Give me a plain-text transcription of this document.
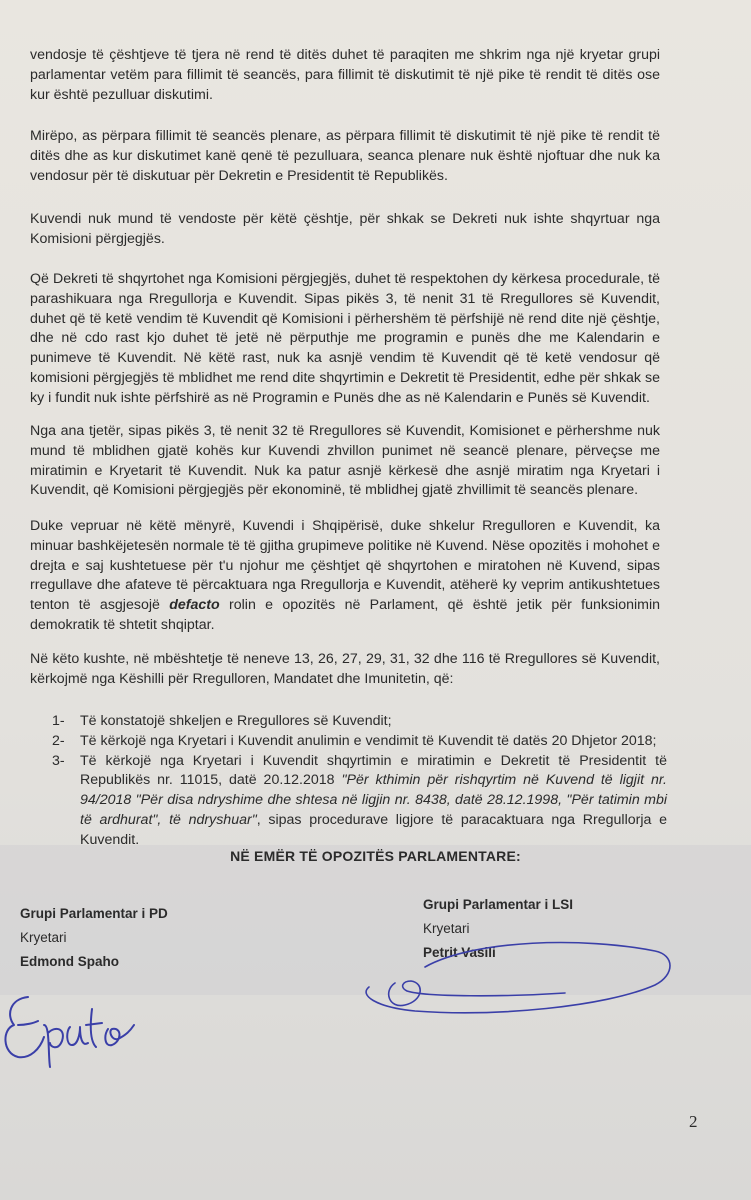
vendosje të çështjeve të tjera në rend të ditës duhet të paraqiten me shkrim nga një kryetar grupi parlamentar vetëm para fillimit të seancës, para fillimit të diskutimit të një pike të rendit të ditës ose kur është pezulluar diskutimi.

Mirëpo, as përpara fillimit të seancës plenare, as përpara fillimit të diskutimit të një pike të rendit të ditës dhe as kur diskutimet kanë qenë të pezulluara, seanca plenare nuk është njoftuar dhe nuk ka vendosur për të diskutuar për Dekretin e Presidentit të Republikës.

Kuvendi nuk mund të vendoste për këtë çështje, për shkak se Dekreti nuk ishte shqyrtuar nga Komisioni përgjegjës.

Që Dekreti të shqyrtohet nga Komisioni përgjegjës, duhet të respektohen dy kërkesa procedurale, të parashikuara nga Rregullorja e Kuvendit. Sipas pikës 3, të nenit 31 të Rregullores së Kuvendit, duhet që të ketë vendim të Kuvendit që Komisioni i përhershëm të përfshijë në rend dite një çështje, dhe në cdo rast kjo duhet të jetë në përputhje me programin e punës dhe me Kalendarin e punimeve të Kuvendit. Në këtë rast, nuk ka asnjë vendim të Kuvendit që të ketë vendosur që komisioni përgjegjës të mblidhet me rend dite shqyrtimin e Dekretit të Presidentit, edhe për shkak se ky i fundit nuk ishte përfshirë as në Programin e Punës dhe as në Kalendarin e Punës së Kuvendit.

Nga ana tjetër, sipas pikës 3, të nenit 32 të Rregullores së Kuvendit, Komisionet e përhershme nuk mund të mblidhen gjatë kohës kur Kuvendi zhvillon punimet në seancë plenare, përveçse me miratimin e Kryetarit të Kuvendit. Nuk ka patur asnjë kërkesë dhe asnjë miratim nga Kryetari i Kuvendit, që Komisioni përgjegjës për ekonominë, të mblidhej gjatë zhvillimit të seancës plenare.

Duke vepruar në këtë mënyrë, Kuvendi i Shqipërisë, duke shkelur Rregulloren e Kuvendit, ka minuar bashkëjetesën normale të të gjitha grupimeve politike në Kuvend. Nëse opozitës i mohohet e drejta e saj kushtetuese për t'u njohur me çështjet që shqyrtohen e miratohen në Kuvend, sipas rregullave dhe afateve të përcaktuara nga Rregullorja e Kuvendit, atëherë ky veprim antikushtetues tenton të asgjesojë defacto rolin e opozitës në Parlament, që është jetik për funksionimin demokratik të shtetit shqiptar.

Në këto kushte, në mbështetje të neneve 13, 26, 27, 29, 31, 32 dhe 116 të Rregullores së Kuvendit, kërkojmë nga Këshilli për Rregulloren, Mandatet dhe Imunitetin, që:

1-	Të konstatojë shkeljen e Rregullores së Kuvendit;
2-	Të kërkojë nga Kryetari i Kuvendit anulimin e vendimit të Kuvendit të datës 20 Dhjetor 2018;
3-	Të kërkojë nga Kryetari i Kuvendit shqyrtimin e miratimin e Dekretit të Presidentit të Republikës nr. 11015, datë 20.12.2018 "Për kthimin për rishqyrtim në Kuvend të ligjit nr. 94/2018 "Për disa ndryshime dhe shtesa në ligjin nr. 8438, datë 28.12.1998, "Për tatimin mbi të ardhurat", të ndryshuar", sipas procedurave ligjore të paracaktuara nga Rregullorja e Kuvendit.
NË EMËR TË OPOZITËS PARLAMENTARE:
Grupi Parlamentar i PD
Kryetari
Edmond Spaho
Grupi Parlamentar i LSI
Kryetari
Petrit Vasili
2
